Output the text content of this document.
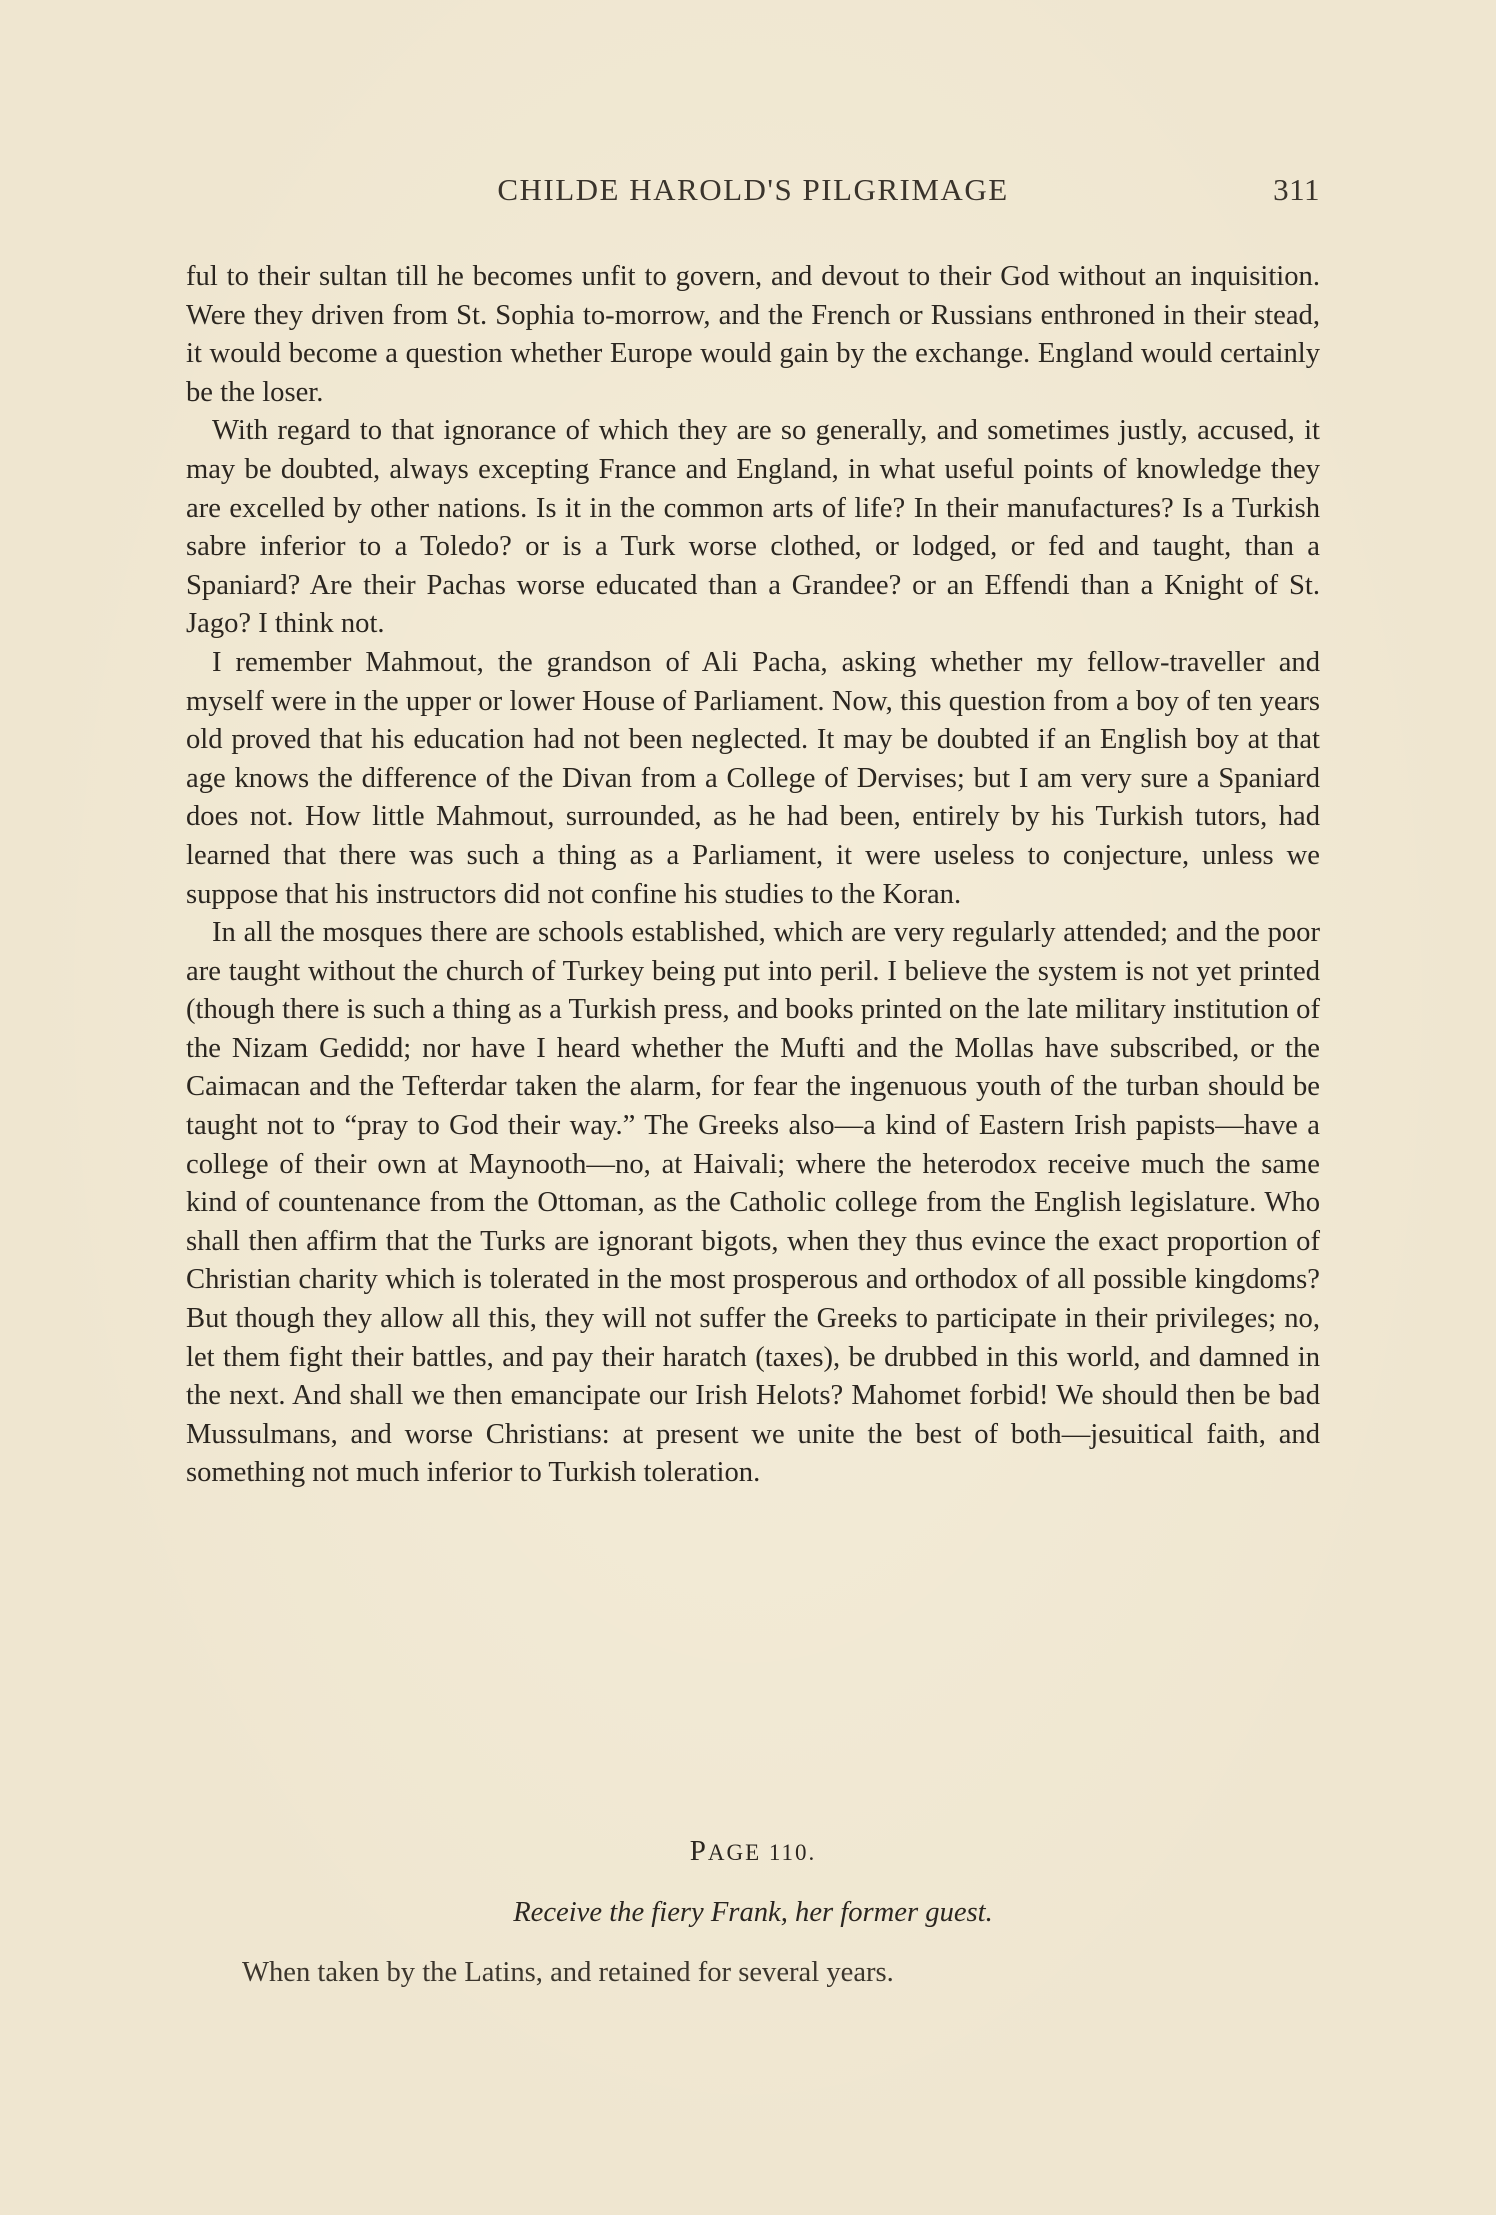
CHILDE HAROLD'S PILGRIMAGE	311

ful to their sultan till he becomes unfit to govern, and devout to their God without an inquisition. Were they driven from St. Sophia to-morrow, and the French or Russians enthroned in their stead, it would become a question whether Europe would gain by the exchange. England would certainly be the loser.

With regard to that ignorance of which they are so generally, and sometimes justly, accused, it may be doubted, always excepting France and England, in what useful points of knowledge they are excelled by other nations. Is it in the common arts of life? In their manufactures? Is a Turkish sabre inferior to a Toledo? or is a Turk worse clothed, or lodged, or fed and taught, than a Spaniard? Are their Pachas worse educated than a Grandee? or an Effendi than a Knight of St. Jago? I think not.

I remember Mahmout, the grandson of Ali Pacha, asking whether my fellow-traveller and myself were in the upper or lower House of Parliament. Now, this question from a boy of ten years old proved that his education had not been neglected. It may be doubted if an English boy at that age knows the difference of the Divan from a College of Dervises; but I am very sure a Spaniard does not. How little Mahmout, surrounded, as he had been, entirely by his Turkish tutors, had learned that there was such a thing as a Parliament, it were useless to conjecture, unless we suppose that his instructors did not confine his studies to the Koran.

In all the mosques there are schools established, which are very regularly attended; and the poor are taught without the church of Turkey being put into peril. I believe the system is not yet printed (though there is such a thing as a Turkish press, and books printed on the late military institution of the Nizam Gedidd; nor have I heard whether the Mufti and the Mollas have subscribed, or the Caimacan and the Tefterdar taken the alarm, for fear the ingenuous youth of the turban should be taught not to “pray to God their way.” The Greeks also—a kind of Eastern Irish papists—have a college of their own at Maynooth—no, at Haivali; where the heterodox receive much the same kind of countenance from the Ottoman, as the Catholic college from the English legislature. Who shall then affirm that the Turks are ignorant bigots, when they thus evince the exact proportion of Christian charity which is tolerated in the most prosperous and orthodox of all possible kingdoms? But though they allow all this, they will not suffer the Greeks to participate in their privileges; no, let them fight their battles, and pay their haratch (taxes), be drubbed in this world, and damned in the next. And shall we then emancipate our Irish Helots? Mahomet forbid! We should then be bad Mussulmans, and worse Christians: at present we unite the best of both—jesuitical faith, and something not much inferior to Turkish toleration.

PAGE 110.

Receive the fiery Frank, her former guest.

When taken by the Latins, and retained for several years.
